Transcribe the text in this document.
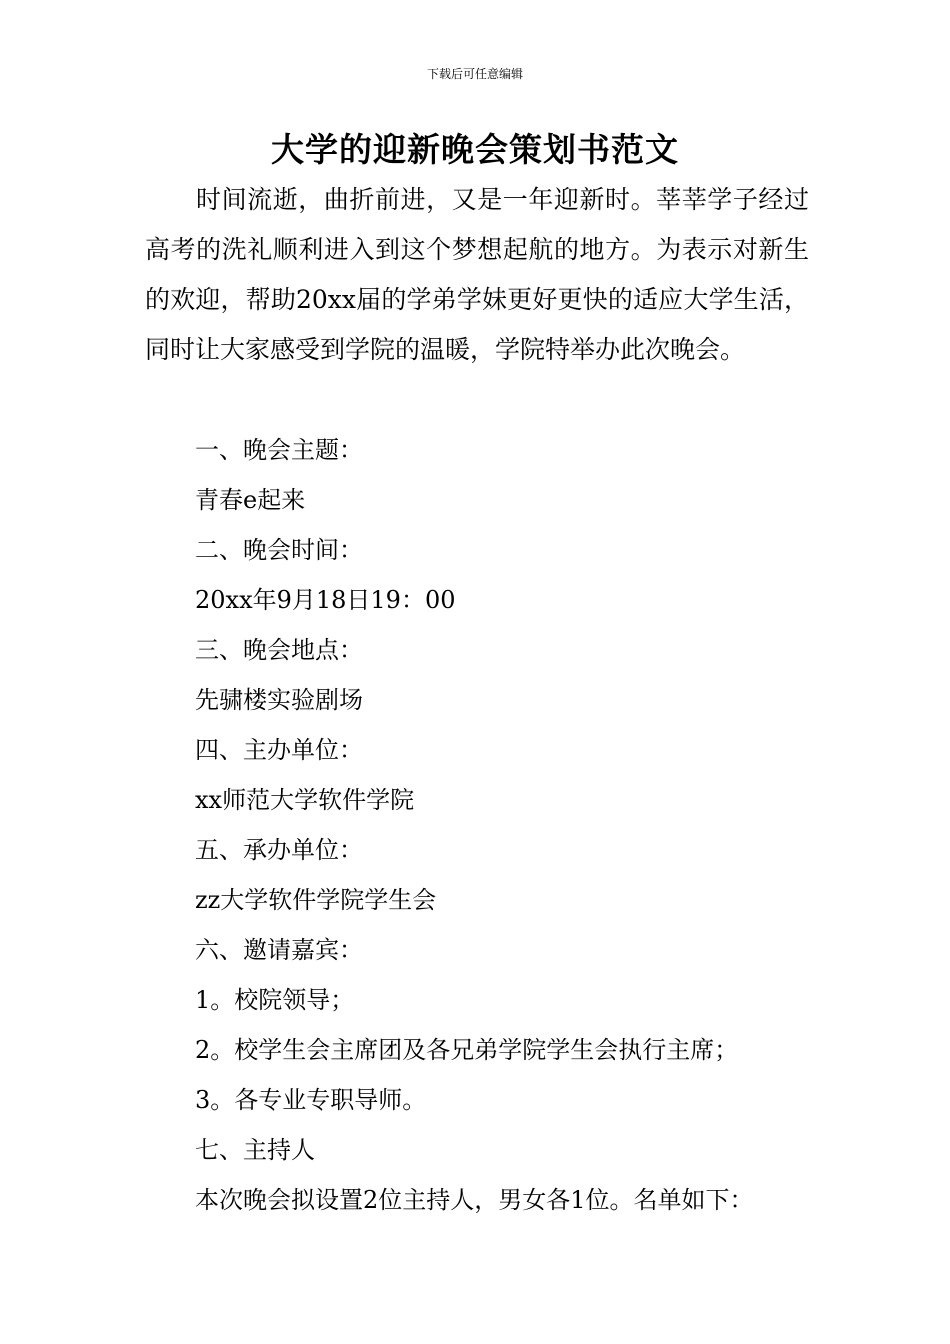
下载后可任意编辑
大学的迎新晚会策划书范文

时间流逝，曲折前进，又是一年迎新时。莘莘学子经过高考的洗礼顺利进入到这个梦想起航的地方。为表示对新生的欢迎，帮助20xx届的学弟学妹更好更快的适应大学生活，同时让大家感受到学院的温暖，学院特举办此次晚会。

一、晚会主题：
青春e起来
二、晚会时间：
20xx年9月18日19：00
三、晚会地点：
先骕楼实验剧场
四、主办单位：
xx师范大学软件学院
五、承办单位：
zz大学软件学院学生会
六、邀请嘉宾：
1。校院领导；
2。校学生会主席团及各兄弟学院学生会执行主席；
3。各专业专职导师。
七、主持人
本次晚会拟设置2位主持人，男女各1位。名单如下：
